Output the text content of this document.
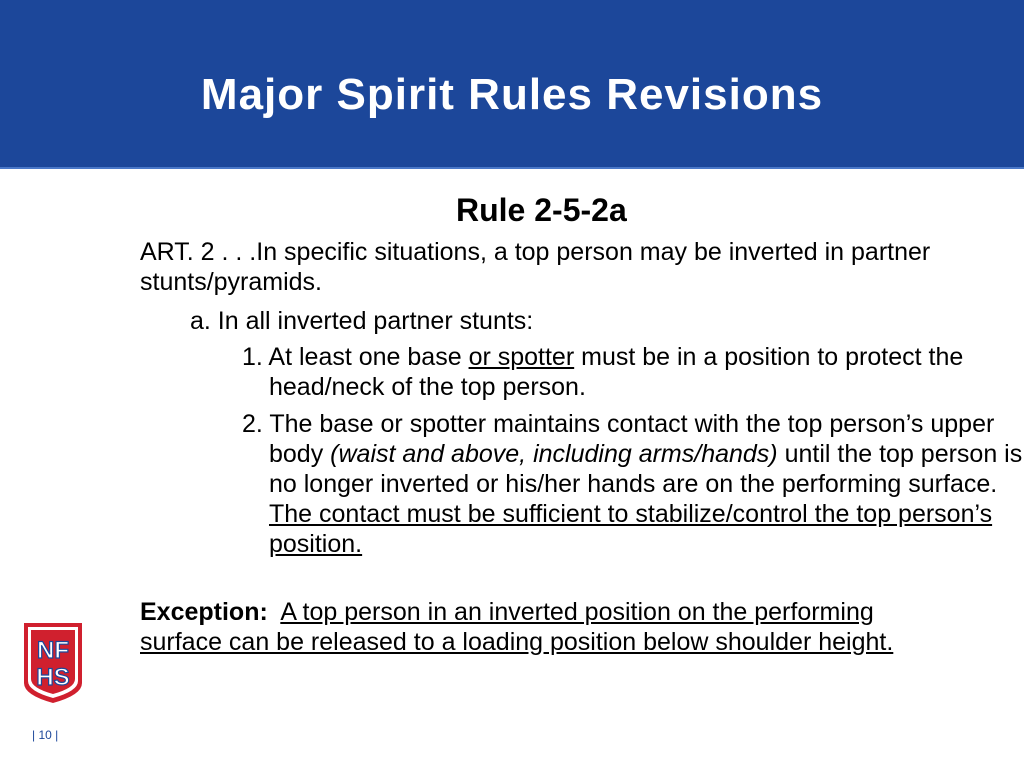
Major Spirit Rules Revisions
Rule 2-5-2a

ART. 2 . . .In specific situations, a top person may be inverted in partner stunts/pyramids.

a. In all inverted partner stunts:

1. At least one base or spotter must be in a position to protect the head/neck of the top person.

2. The base or spotter maintains contact with the top person’s upper body (waist and above, including arms/hands) until the top person is no longer inverted or his/her hands are on the performing surface. The contact must be sufficient to stabilize/control the top person’s position.

Exception: A top person in an inverted position on the performing surface can be released to a loading position below shoulder height.

NF
HS
| 10 |
